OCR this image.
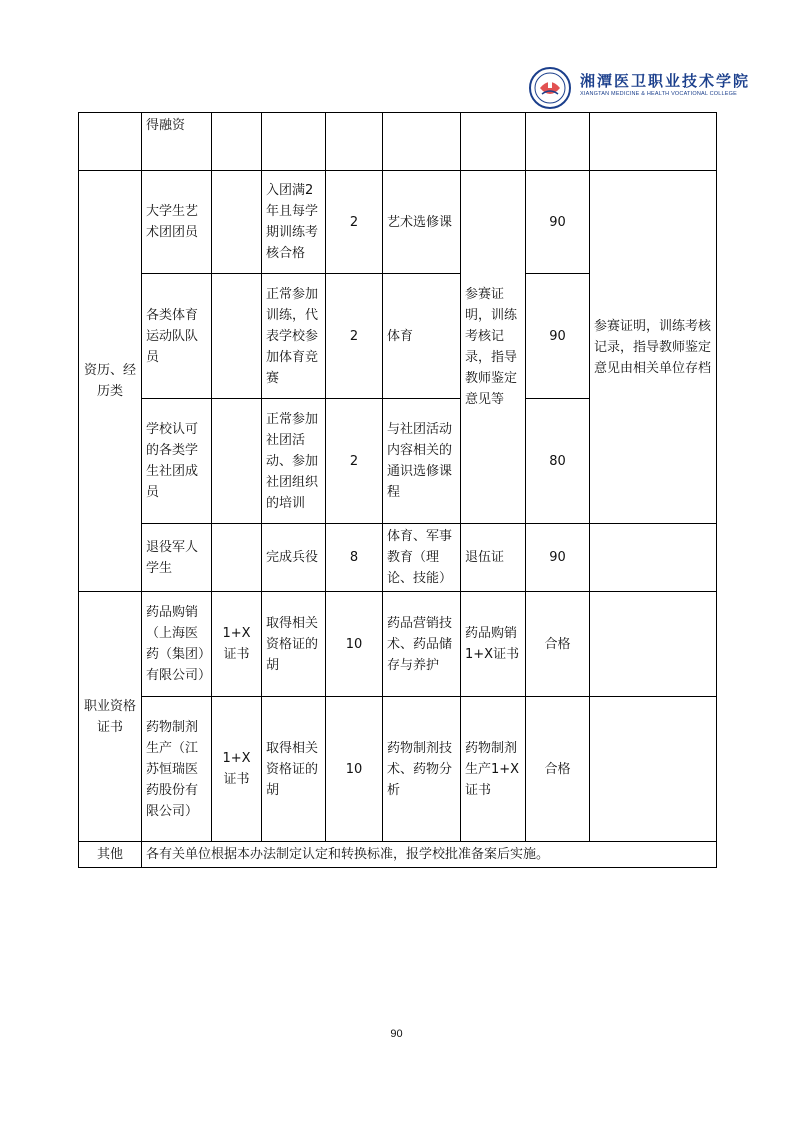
湘潭医卫职业技术学院
XIANGTAN MEDICINE & HEALTH VOCATIONAL COLLEGE
	得融资							
资历、经历类	大学生艺术团团员		入团满2年且每学期训练考核合格	2	艺术选修课	参赛证明，训练考核记录，指导教师鉴定意见等	90	参赛证明，训练考核记录，指导教师鉴定意见由相关单位存档
	各类体育运动队队员		正常参加训练，代表学校参加体育竞赛	2	体育		90	
	学校认可的各类学生社团成员		正常参加社团活动、参加社团组织的培训	2	与社团活动内容相关的通识选修课程		80	
	退役军人学生		完成兵役	8	体育、军事教育（理论、技能）	退伍证	90	
职业资格证书	药品购销（上海医药（集团）有限公司）	1+X证书	取得相关资格证的胡	10	药品营销技术、药品储存与养护	药品购销1+X证书	合格	
	药物制剂生产（江苏恒瑞医药股份有限公司）	1+X证书	取得相关资格证的胡	10	药物制剂技术、药物分析	药物制剂生产1+X证书	合格	
其他	各有关单位根据本办法制定认定和转换标准，报学校批准备案后实施。							
90
